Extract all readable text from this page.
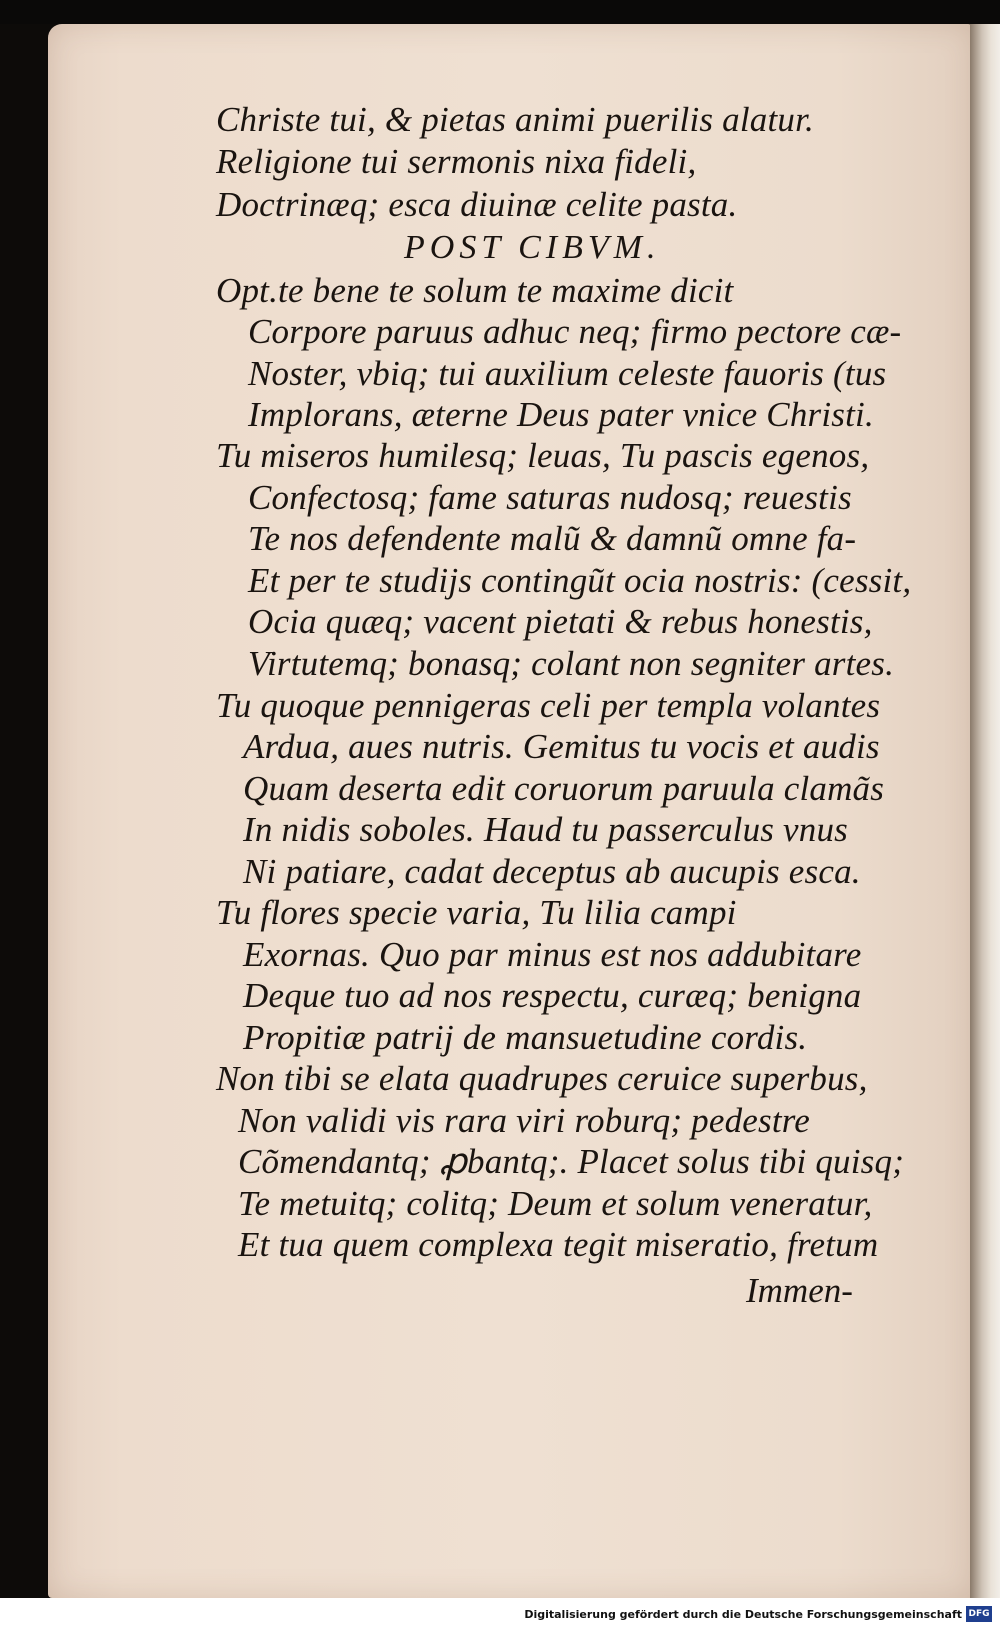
Christe tui, & pietas animi puerilis alatur.
Religione tui sermonis nixa fideli,
Doctrinæq; esca diuinæ celite pasta.
POST CIBVM.
Opt.te bene te solum te maxime dicit
Corpore paruus adhuc neq; firmo pectore cæ-
Noster, vbiq; tui auxilium celeste fauoris (tus
Implorans, æterne Deus pater vnice Christi.
Tu miseros humilesq; leuas, Tu pascis egenos,
Confectosq; fame saturas nudosq; reuestis
Te nos defendente malũ & damnũ omne fa-
Et per te studijs contingũt ocia nostris: (cessit,
Ocia quæq; vacent pietati & rebus honestis,
Virtutemq; bonasq; colant non segniter artes.
Tu quoque pennigeras celi per templa volantes
Ardua, aues nutris. Gemitus tu vocis et audis
Quam deserta edit coruorum paruula clamãs
In nidis soboles. Haud tu passerculus vnus
Ni patiare, cadat deceptus ab aucupis esca.
Tu flores specie varia, Tu lilia campi
Exornas. Quo par minus est nos addubitare
Deque tuo ad nos respectu, curæq; benigna
Propitiæ patrij de mansuetudine cordis.
Non tibi se elata quadrupes ceruice superbus,
Non validi vis rara viri roburq; pedestre
Cõmendantq; ꝓbantq;. Placet solus tibi quisq;
Te metuitq; colitq; Deum et solum veneratur,
Et tua quem complexa tegit miseratio, fretum
Immen-
Digitalisierung gefördert durch die Deutsche Forschungsgemeinschaft DFG
